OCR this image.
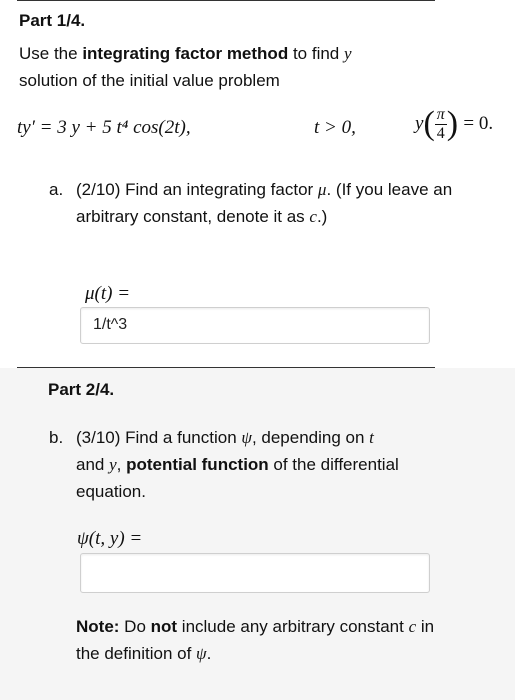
Part 1/4.
Use the integrating factor method to find y
solution of the initial value problem
ty′ = 3 y + 5 t⁴ cos(2t),	t > 0,	$y( \frac{\pi}{4}$ ) = 0.
a. (2/10) Find an integrating factor μ. (If you leave an arbitrary constant, denote it as c.)
μ(t) =
1/t^3
Part 2/4.
b. (3/10) Find a function ψ, depending on t
and y, potential function of the differential equation.
ψ(t, y) =
Note: Do not include any arbitrary constant c in the definition of ψ.
